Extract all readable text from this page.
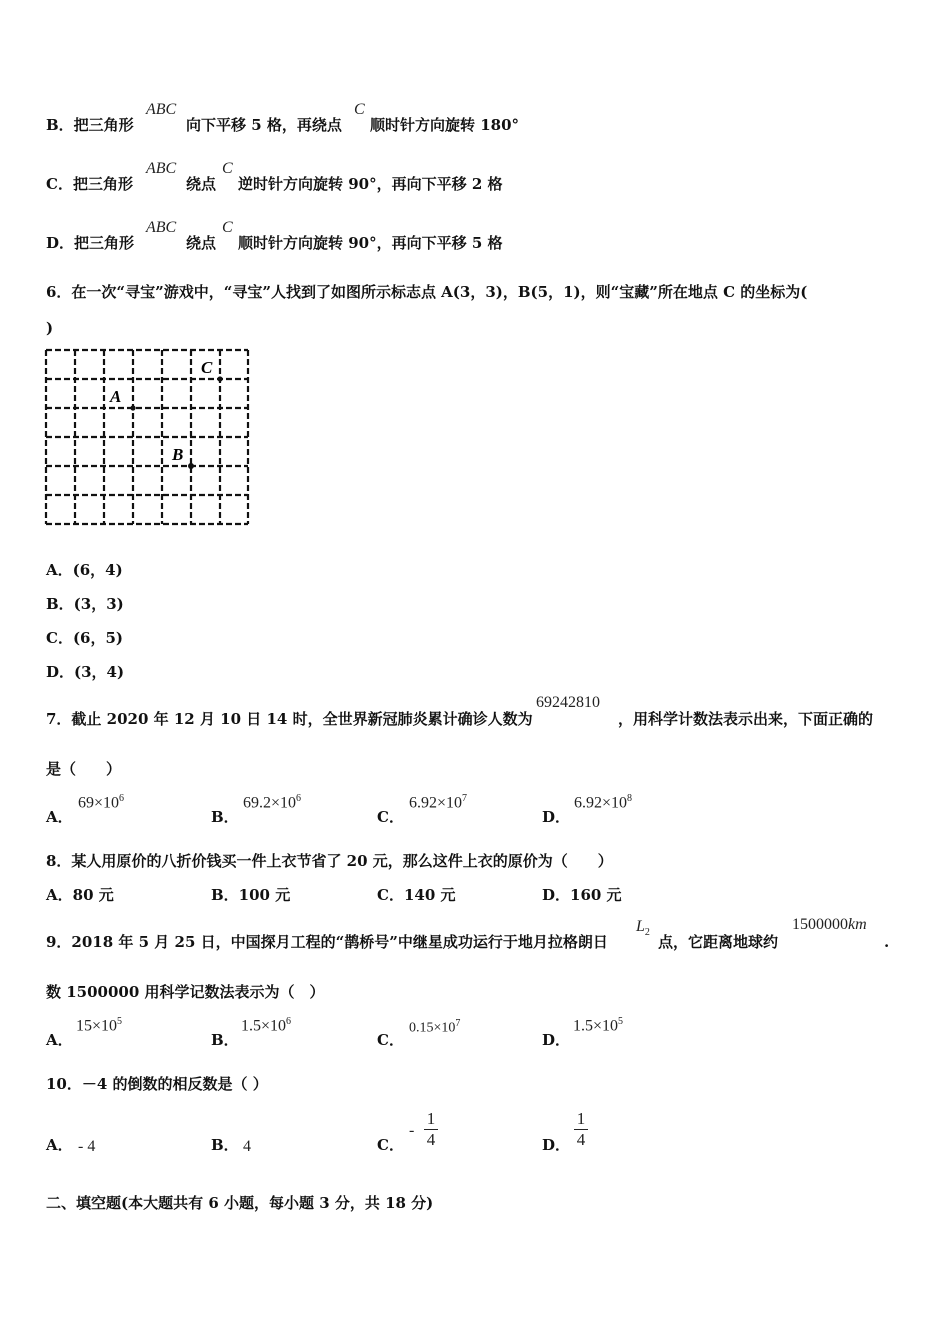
B．把三角形
ABC
向下平移 5 格，再绕点
C
顺时针方向旋转 180°
C．把三角形
ABC
绕点
C
逆时针方向旋转 90°，再向下平移 2 格
D．把三角形
ABC
绕点
C
顺时针方向旋转 90°，再向下平移 5 格
6．在一次“寻宝”游戏中，“寻宝”人找到了如图所示标志点 A(3，3)，B(5，1)，则“宝藏”所在地点 C 的坐标为(
)
A
B
C
A．(6，4)
B．(3，3)
C．(6，5)
D．(3，4)
7．截止 2020 年 12 月 10 日 14 时，全世界新冠肺炎累计确诊人数为
69242810
，用科学计数法表示出来，下面正确的
是（　　）
A．
$69\times 10^6$
B．
$69.2\times 10^6$
C．
$6.92\times 10^7$
D．
$6.92\times 10^8$
8．某人用原价的八折价钱买一件上衣节省了 20 元，那么这件上衣的原价为（　　）
A．80 元	B．100 元	C．140 元	D．160 元
9．2018 年 5 月 25 日，中国探月工程的“鹊桥号”中继星成功运行于地月拉格朗日
$L_2$
点，它距离地球约
1500000km
.
数 1500000 用科学记数法表示为（　）
A．
$15\times 10^5$
B．
$1.5\times 10^6$
C．
$0.15\times 10^7$
D．
$1.5\times 10^5$
10．－4 的倒数的相反数是（ ）
A． - 4	B． 4	C．
-
1
4	D．
1
4
二、填空题(本大题共有 6 小题，每小题 3 分，共 18 分)
